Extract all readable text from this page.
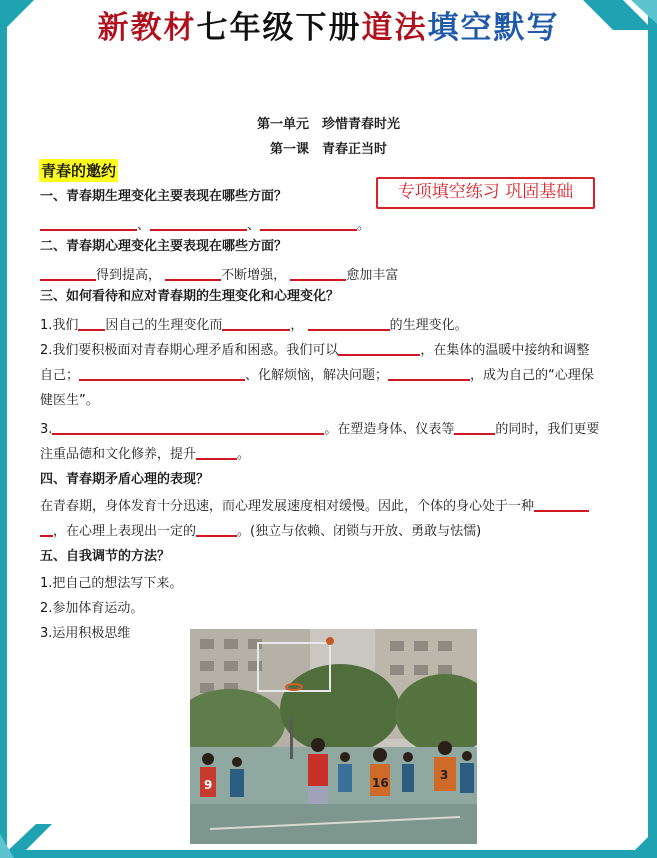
新教材七年级下册道法填空默写
第一单元　珍惜青春时光
第一课　青春正当时
青春的邀约
专项填空练习 巩固基础
一、青春期生理变化主要表现在哪些方面？
、	、	。
二、青春期心理变化主要表现在哪些方面？
得到提高，	不断增强，	愈加丰富
三、如何看待和应对青春期的生理变化和心理变化？
1.我们 因自己的生理变化而	，	的生理变化。
2.我们要积极面对青春期心理矛盾和困惑。我们可以	，在集体的温暖中接纳和调整
自己；	、化解烦恼，解决问题；	，成为自己的“心理保
健医生”。
3.	。在塑造身体、仪表等	的同时，我们更要
注重品德和文化修养，提升	。
四、青春期矛盾心理的表现？
在青春期，身体发育十分迅速，而心理发展速度相对缓慢。因此，个体的身心处于一种
，在心理上表现出一定的	。(独立与依赖、闭锁与开放、勇敢与怯懦)
五、自我调节的方法？
1.把自己的想法写下来。
2.参加体育运动。
3.运用积极思维
9	16
3
